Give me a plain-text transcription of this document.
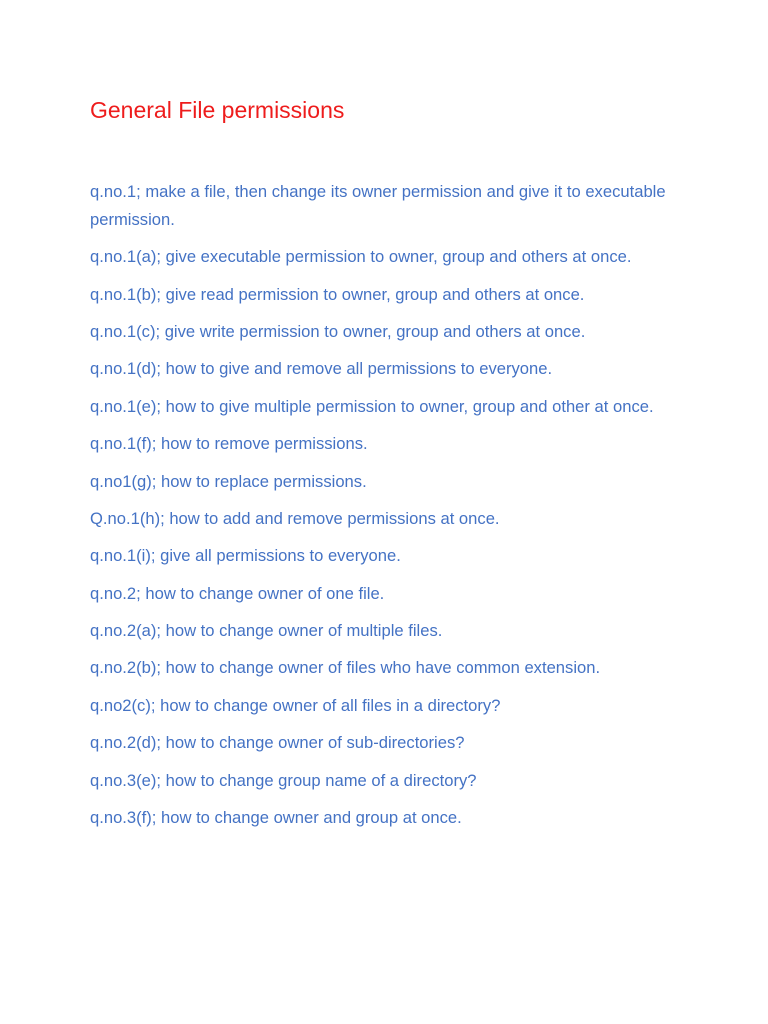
General File permissions
q.no.1; make a file, then change its owner permission and give it to executable permission.
q.no.1(a); give executable permission to owner, group and others at once.
q.no.1(b); give read permission to owner, group and others at once.
q.no.1(c); give write permission to owner, group and others at once.
q.no.1(d); how to give and remove all permissions to everyone.
q.no.1(e); how to give multiple permission to owner, group and other at once.
q.no.1(f); how to remove permissions.
q.no1(g); how to replace permissions.
Q.no.1(h); how to add and remove permissions at once.
q.no.1(i); give all permissions to everyone.
q.no.2; how to change owner of one file.
q.no.2(a); how to change owner of multiple files.
q.no.2(b); how to change owner of files who have common extension.
q.no2(c); how to change owner of all files in a directory?
q.no.2(d); how to change owner of sub-directories?
q.no.3(e); how to change group name of a directory?
q.no.3(f); how to change owner and group at once.
